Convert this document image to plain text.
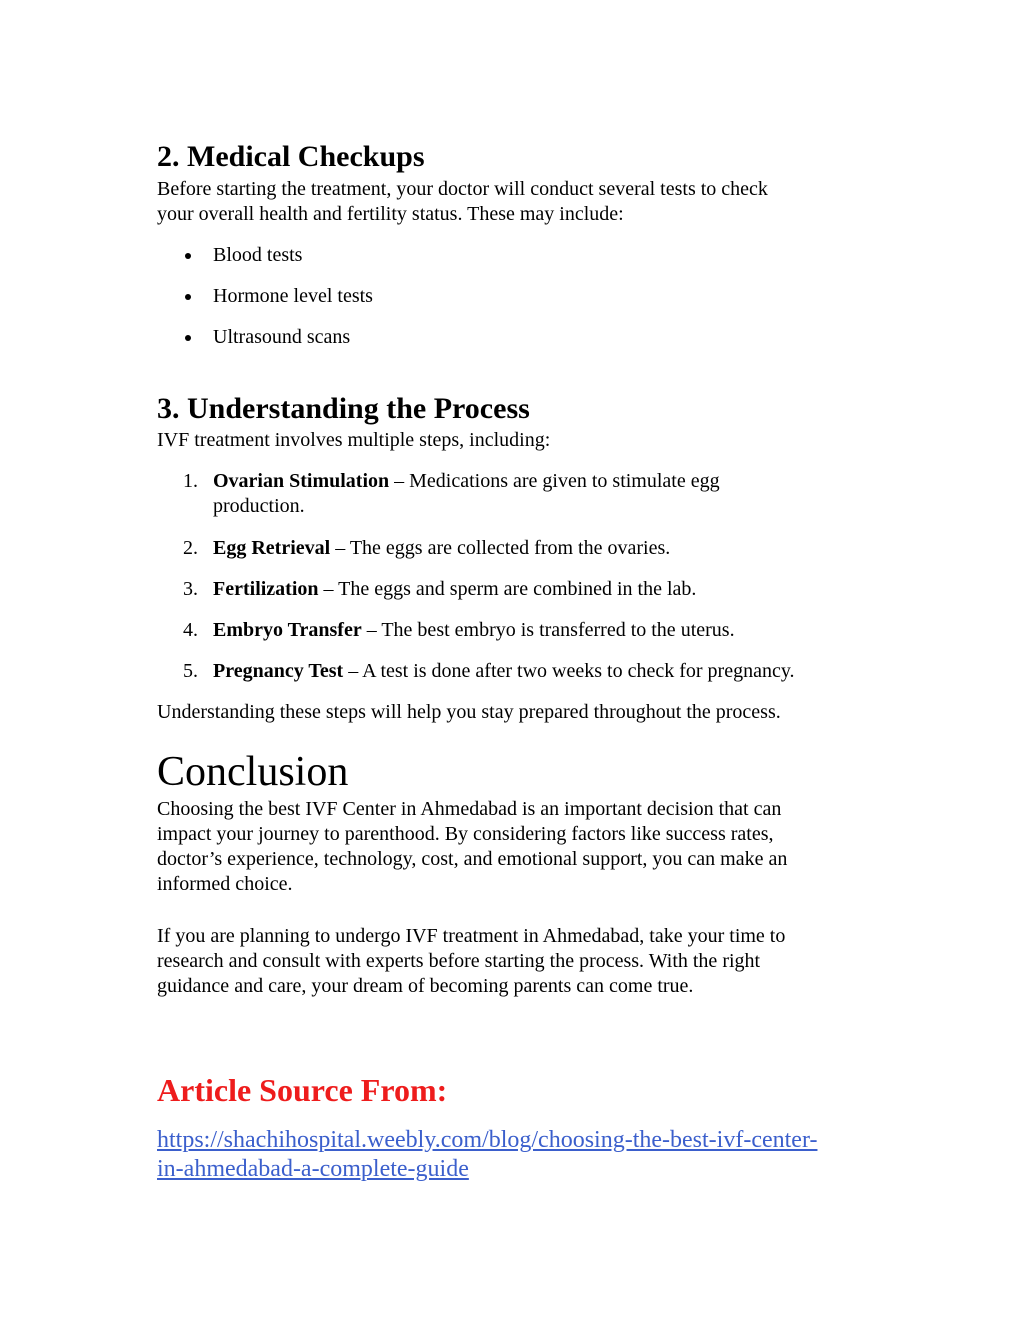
2. Medical Checkups
Before starting the treatment, your doctor will conduct several tests to check
your overall health and fertility status. These may include:
Blood tests
Hormone level tests
Ultrasound scans
3. Understanding the Process
IVF treatment involves multiple steps, including:
1. Ovarian Stimulation – Medications are given to stimulate egg
production.
2. Egg Retrieval – The eggs are collected from the ovaries.
3. Fertilization – The eggs and sperm are combined in the lab.
4. Embryo Transfer – The best embryo is transferred to the uterus.
5. Pregnancy Test – A test is done after two weeks to check for pregnancy.
Understanding these steps will help you stay prepared throughout the process.
Conclusion
Choosing the best IVF Center in Ahmedabad is an important decision that can
impact your journey to parenthood. By considering factors like success rates,
doctor’s experience, technology, cost, and emotional support, you can make an
informed choice.
If you are planning to undergo IVF treatment in Ahmedabad, take your time to
research and consult with experts before starting the process. With the right
guidance and care, your dream of becoming parents can come true.
Article Source From:
https://shachihospital.weebly.com/blog/choosing-the-best-ivf-center-
in-ahmedabad-a-complete-guide
